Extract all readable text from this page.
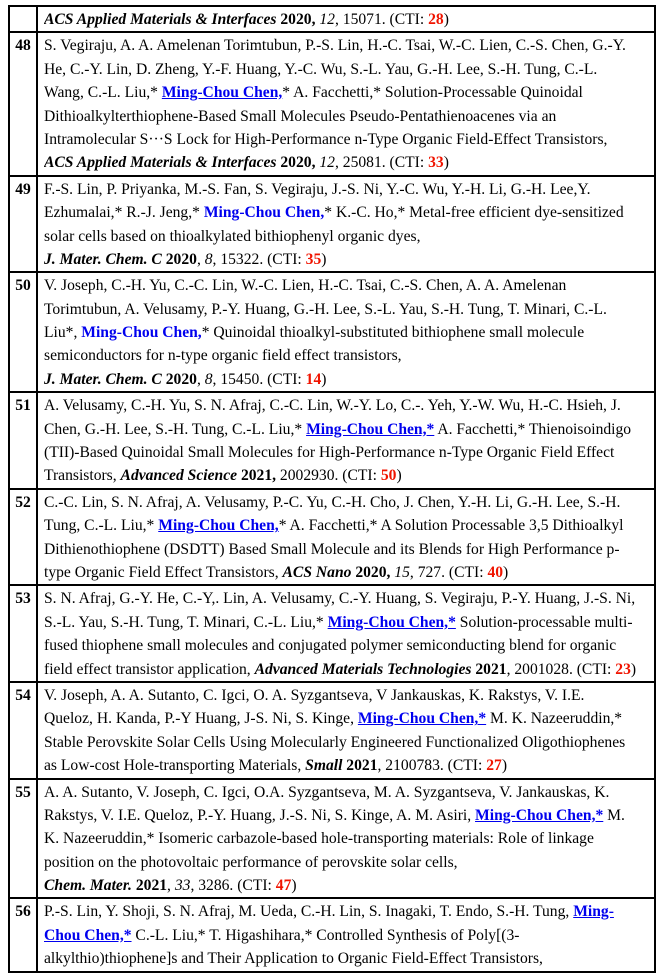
	ACS Applied Materials & Interfaces 2020, 12, 15071. (CTI: 28)

48	S. Vegiraju, A. A. Amelenan Torimtubun, P.-S. Lin, H.-C. Tsai, W.-C. Lien, C.-S. Chen, G.-Y.
He, C.-Y. Lin, D. Zheng, Y.-F. Huang, Y.-C. Wu, S.-L. Yau, G.-H. Lee, S.-H. Tung, C.-L.
Wang, C.-L. Liu,* Ming-Chou Chen,* A. Facchetti,* Solution-Processable Quinoidal
Dithioalkylterthiophene-Based Small Molecules Pseudo-Pentathienoacenes via an
Intramolecular S···S Lock for High-Performance n-Type Organic Field-Effect Transistors,
ACS Applied Materials & Interfaces 2020, 12, 25081. (CTI: 33)

49	F.-S. Lin, P. Priyanka, M.-S. Fan, S. Vegiraju, J.-S. Ni, Y.-C. Wu, Y.-H. Li, G.-H. Lee,Y.
Ezhumalai,* R.-J. Jeng,* Ming-Chou Chen,* K.-C. Ho,* Metal-free efficient dye-sensitized
solar cells based on thioalkylated bithiophenyl organic dyes,
J. Mater. Chem. C 2020, 8, 15322. (CTI: 35)

50	V. Joseph, C.-H. Yu, C.-C. Lin, W.-C. Lien, H.-C. Tsai, C.-S. Chen, A. A. Amelenan
Torimtubun, A. Velusamy, P.-Y. Huang, G.-H. Lee, S.-L. Yau, S.-H. Tung, T. Minari, C.-L.
Liu*, Ming-Chou Chen,* Quinoidal thioalkyl-substituted bithiophene small molecule
semiconductors for n-type organic field effect transistors,
J. Mater. Chem. C 2020, 8, 15450. (CTI: 14)

51	A. Velusamy, C.-H. Yu, S. N. Afraj, C.-C. Lin, W.-Y. Lo, C.-. Yeh, Y.-W. Wu, H.-C. Hsieh, J.
Chen, G.-H. Lee, S.-H. Tung, C.-L. Liu,* Ming-Chou Chen,* A. Facchetti,* Thienoisoindigo
(TII)-Based Quinoidal Small Molecules for High-Performance n-Type Organic Field Effect
Transistors, Advanced Science 2021, 2002930. (CTI: 50)

52	C.-C. Lin, S. N. Afraj, A. Velusamy, P.-C. Yu, C.-H. Cho, J. Chen, Y.-H. Li, G.-H. Lee, S.-H.
Tung, C.-L. Liu,* Ming-Chou Chen,* A. Facchetti,* A Solution Processable 3,5 Dithioalkyl
Dithienothiophene (DSDTT) Based Small Molecule and its Blends for High Performance p-
type Organic Field Effect Transistors, ACS Nano 2020, 15, 727. (CTI: 40)

53	S. N. Afraj, G.-Y. He, C.-Y,. Lin, A. Velusamy, C.-Y. Huang, S. Vegiraju, P.-Y. Huang, J.-S. Ni,
S.-L. Yau, S.-H. Tung, T. Minari, C.-L. Liu,* Ming-Chou Chen,* Solution-processable multi-
fused thiophene small molecules and conjugated polymer semiconducting blend for organic
field effect transistor application, Advanced Materials Technologies 2021, 2001028. (CTI: 23)

54	V. Joseph, A. A. Sutanto, C. Igci, O. A. Syzgantseva, V Jankauskas, K. Rakstys, V. I.E.
Queloz, H. Kanda, P.-Y Huang, J-S. Ni, S. Kinge, Ming-Chou Chen,* M. K. Nazeeruddin,*
Stable Perovskite Solar Cells Using Molecularly Engineered Functionalized Oligothiophenes
as Low-cost Hole-transporting Materials, Small 2021, 2100783. (CTI: 27)

55	A. A. Sutanto, V. Joseph, C. Igci, O.A. Syzgantseva, M. A. Syzgantseva, V. Jankauskas, K.
Rakstys, V. I.E. Queloz, P.-Y. Huang, J.-S. Ni, S. Kinge, A. M. Asiri, Ming-Chou Chen,* M.
K. Nazeeruddin,* Isomeric carbazole-based hole-transporting materials: Role of linkage
position on the photovoltaic performance of perovskite solar cells,
Chem. Mater. 2021, 33, 3286. (CTI: 47)

56	P.-S. Lin, Y. Shoji, S. N. Afraj, M. Ueda, C.-H. Lin, S. Inagaki, T. Endo, S.-H. Tung, Ming-
Chou Chen,* C.-L. Liu,* T. Higashihara,* Controlled Synthesis of Poly[(3-
alkylthio)thiophene]s and Their Application to Organic Field-Effect Transistors,
